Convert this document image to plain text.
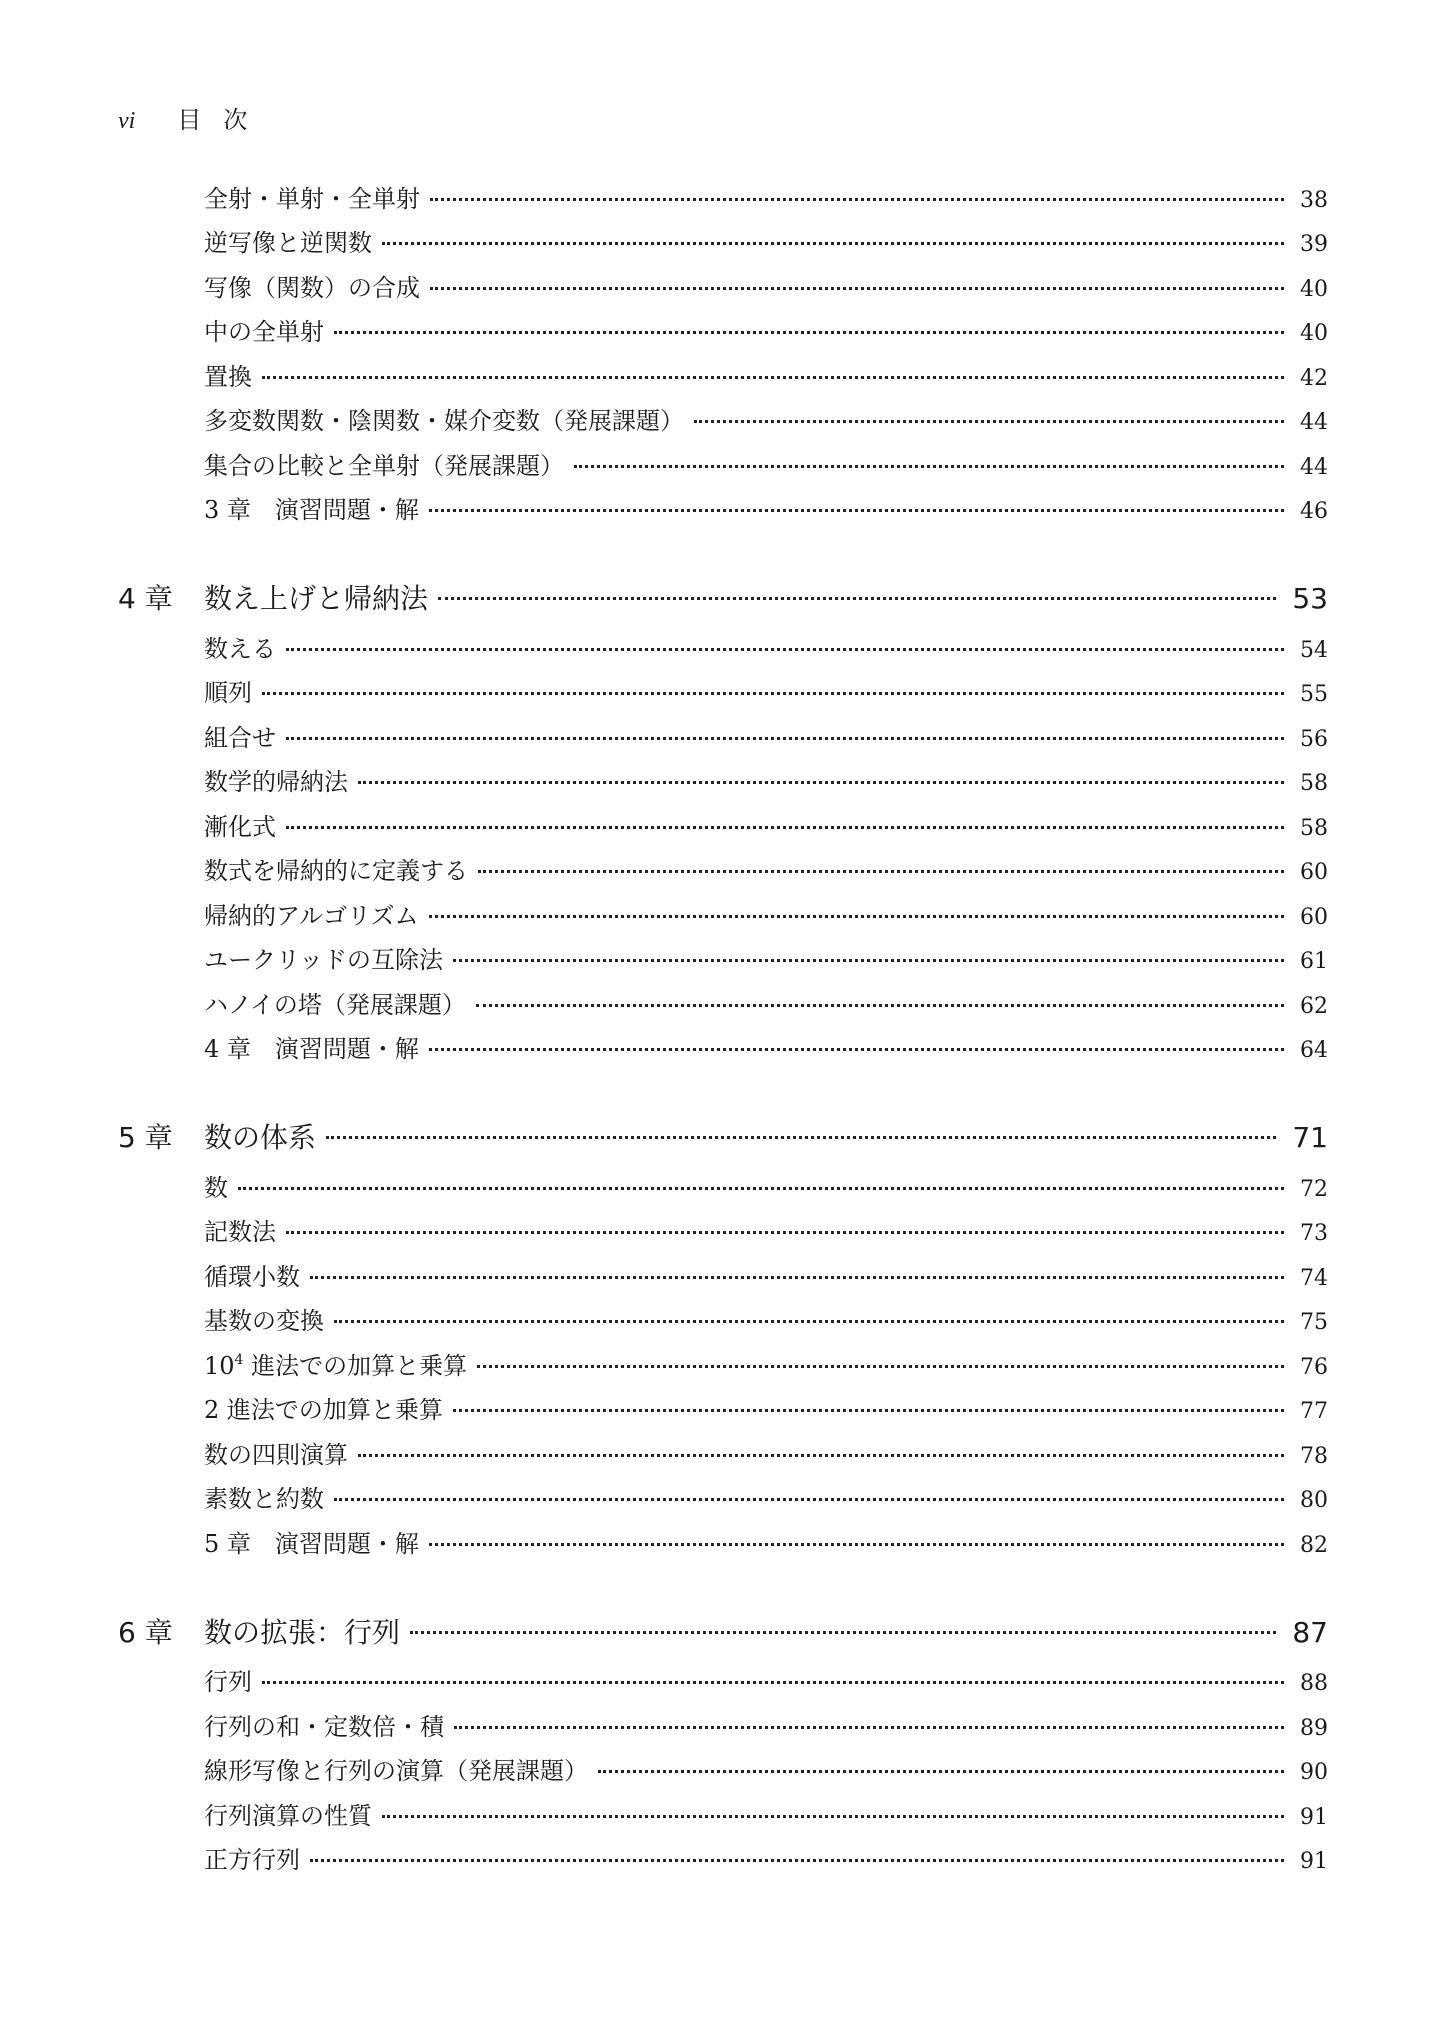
vi 目次
全射・単射・全単射	38
逆写像と逆関数	39
写像（関数）の合成	40
中の全単射	40
置換	42
多変数関数・陰関数・媒介変数（発展課題）	44
集合の比較と全単射（発展課題）	44
3 章　演習問題・解	46
4 章 数え上げと帰納法	53
数える	54
順列	55
組合せ	56
数学的帰納法	58
漸化式	58
数式を帰納的に定義する	60
帰納的アルゴリズム	60
ユークリッドの互除法	61
ハノイの塔（発展課題）	62
4 章　演習問題・解	64
5 章 数の体系	71
数	72
記数法	73
循環小数	74
基数の変換	75
$10^4$ 進法での加算と乗算	76
2 進法での加算と乗算	77
数の四則演算	78
素数と約数	80
5 章　演習問題・解	82
6 章 数の拡張：行列	87
行列	88
行列の和・定数倍・積	89
線形写像と行列の演算（発展課題）	90
行列演算の性質	91
正方行列	91
